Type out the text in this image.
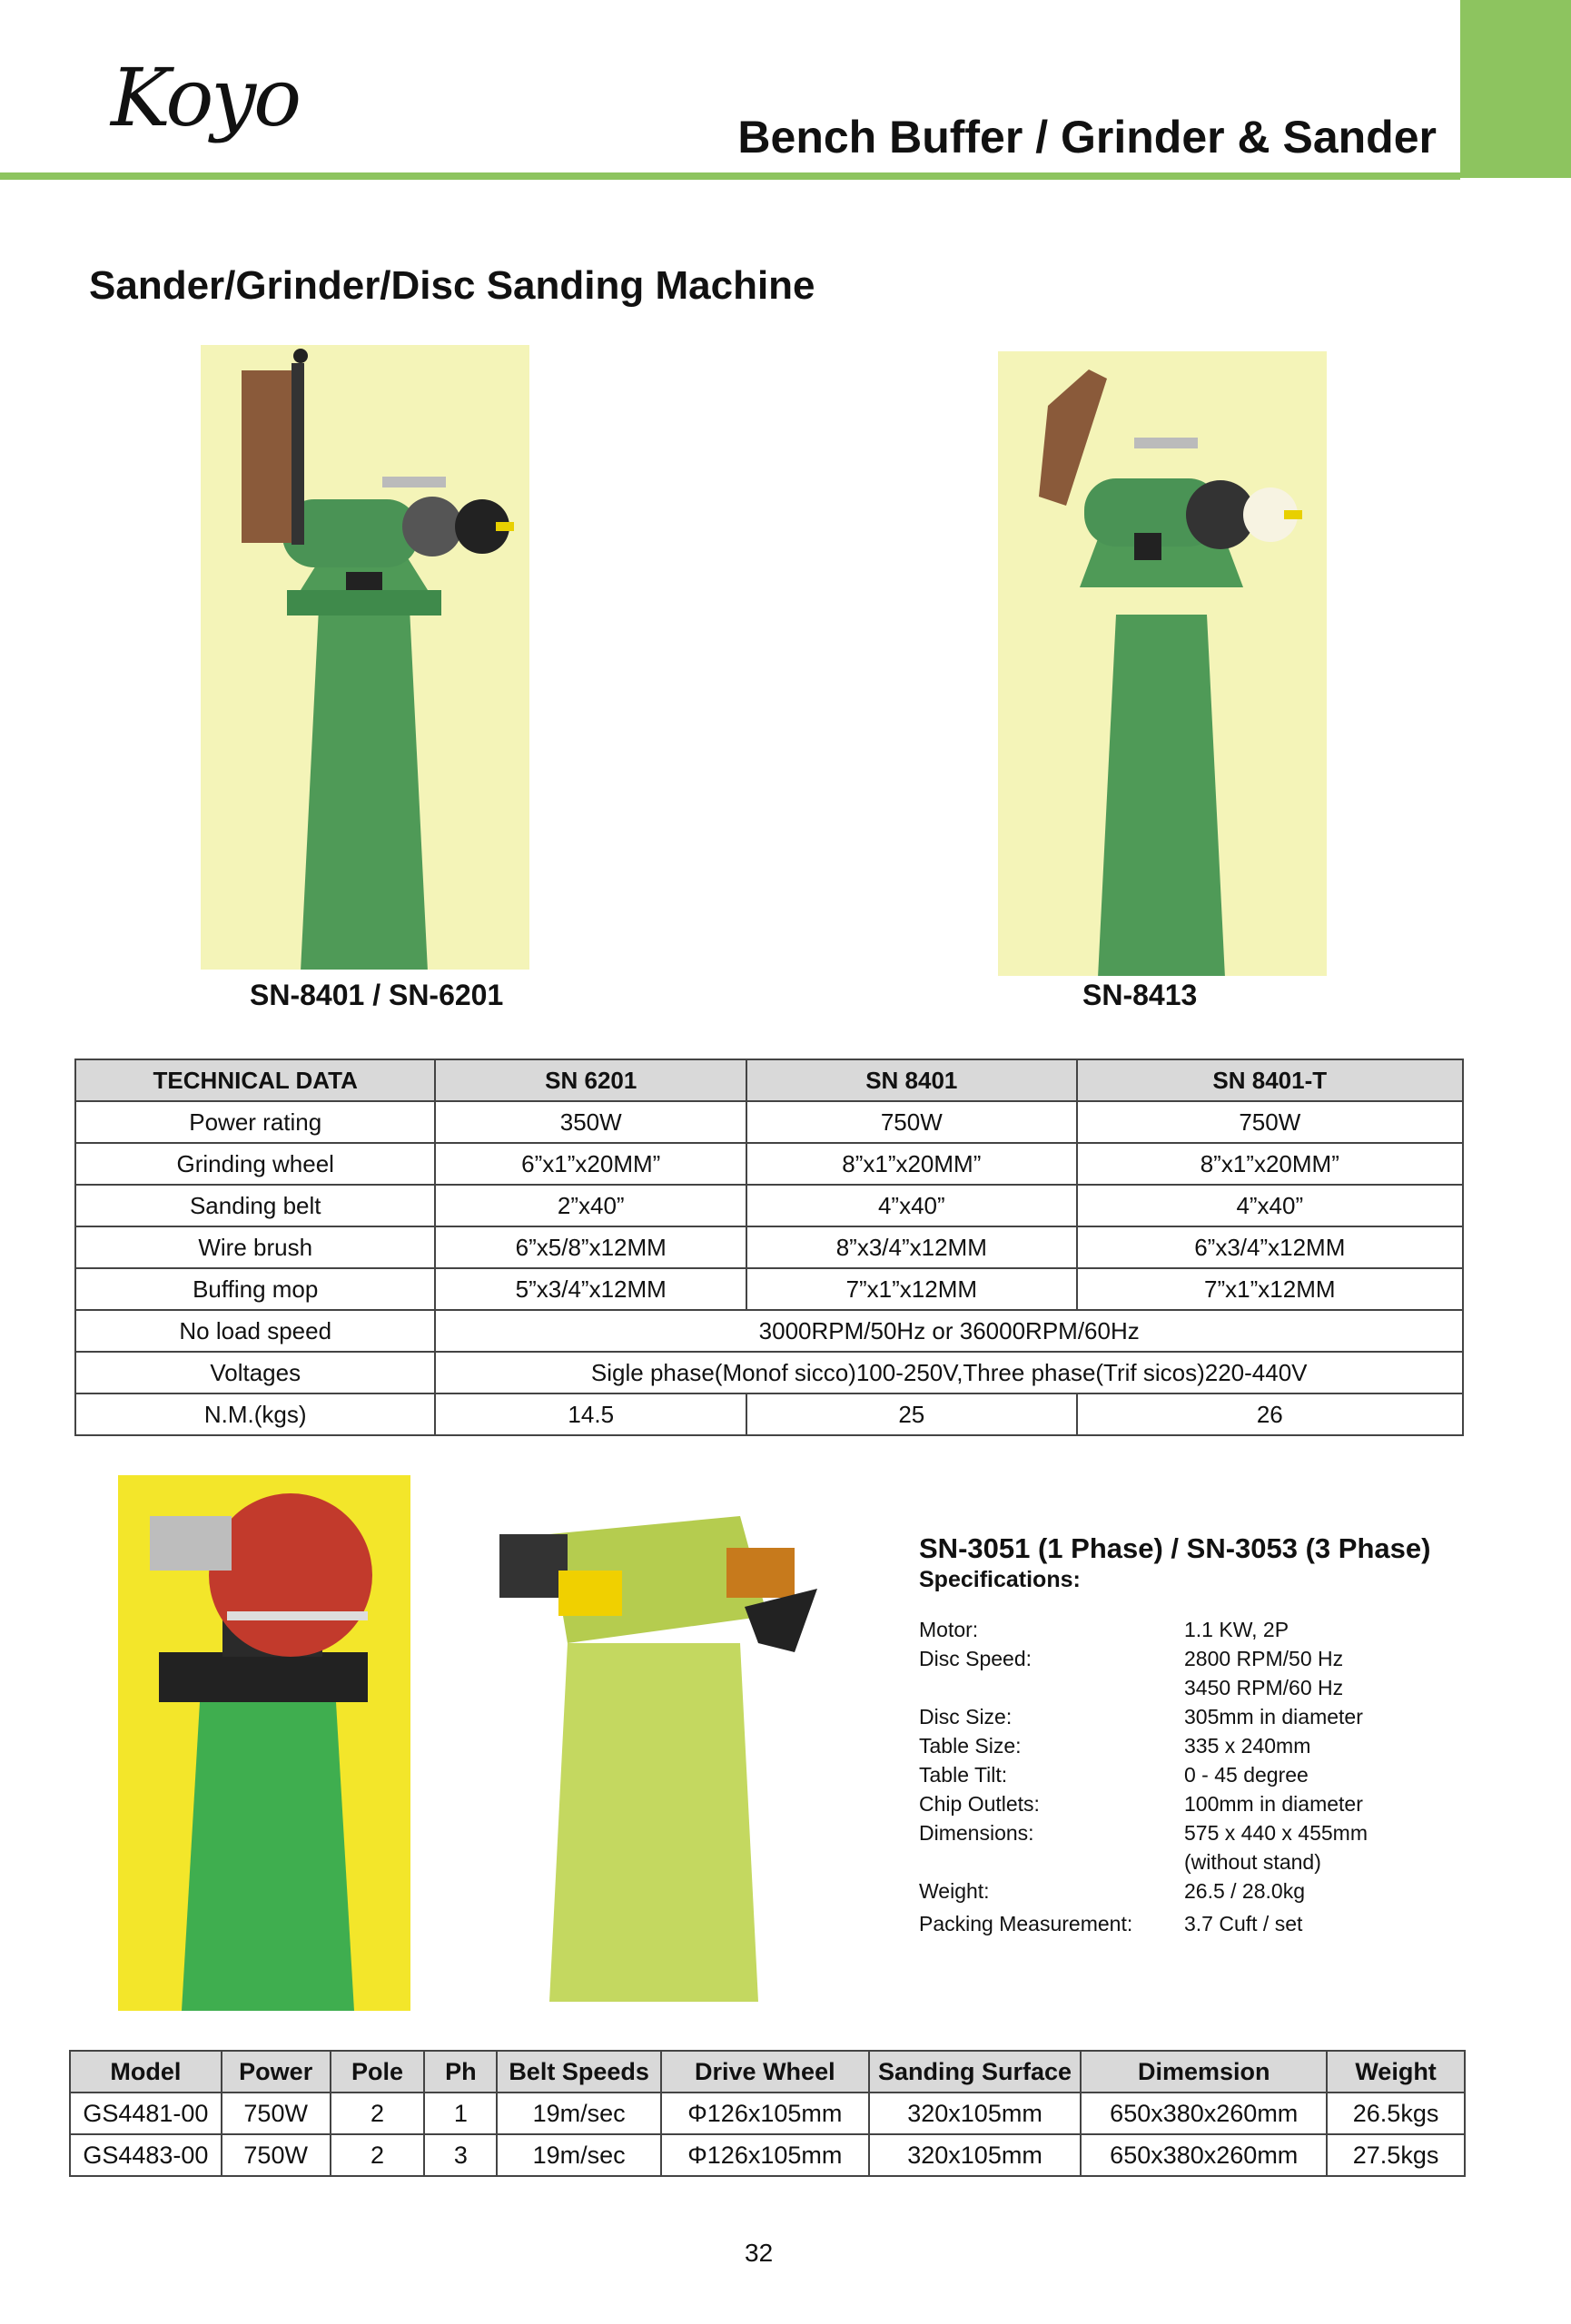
Koyo	Bench Buffer / Grinder & Sander
Sander/Grinder/Disc Sanding Machine
SN-8401 / SN-6201	SN-8413
TECHNICAL DATA	SN 6201	SN 8401	SN 8401-T
Power rating	350W	750W	750W
Grinding wheel	6”x1”x20MM”	8”x1”x20MM”	8”x1”x20MM”
Sanding belt	2”x40”	4”x40”	4”x40”
Wire brush	6”x5/8”x12MM	8”x3/4”x12MM	6”x3/4”x12MM
Buffing mop	5”x3/4”x12MM	7”x1”x12MM	7”x1”x12MM
No load speed	3000RPM/50Hz or 36000RPM/60Hz		
Voltages	Sigle phase(Monof sicco)100-250V,Three phase(Trif sicos)220-440V		
N.M.(kgs)	14.5	25	26
SN-3051 (1 Phase) / SN-3053 (3 Phase)
Specifications:
Motor:	1.1 KW, 2P
Disc Speed:	2800 RPM/50 Hz
3450 RPM/60 Hz
Disc Size:	305mm in diameter
Table Size:	335 x 240mm
Table Tilt:	0 - 45 degree
Chip Outlets:	100mm in diameter
Dimensions:	575 x 440 x 455mm
(without stand)
Weight:	26.5 / 28.0kg
Packing Measurement: 3.7 Cuft / set
Model	Power	Pole	Ph	Belt Speeds	Drive Wheel	Sanding Surface	Dimemsion	Weight
GS4481-00	750W	2	1	19m/sec	Φ126x105mm	320x105mm	650x380x260mm	26.5kgs
GS4483-00	750W	2	3	19m/sec	Φ126x105mm	320x105mm	650x380x260mm	27.5kgs
32
